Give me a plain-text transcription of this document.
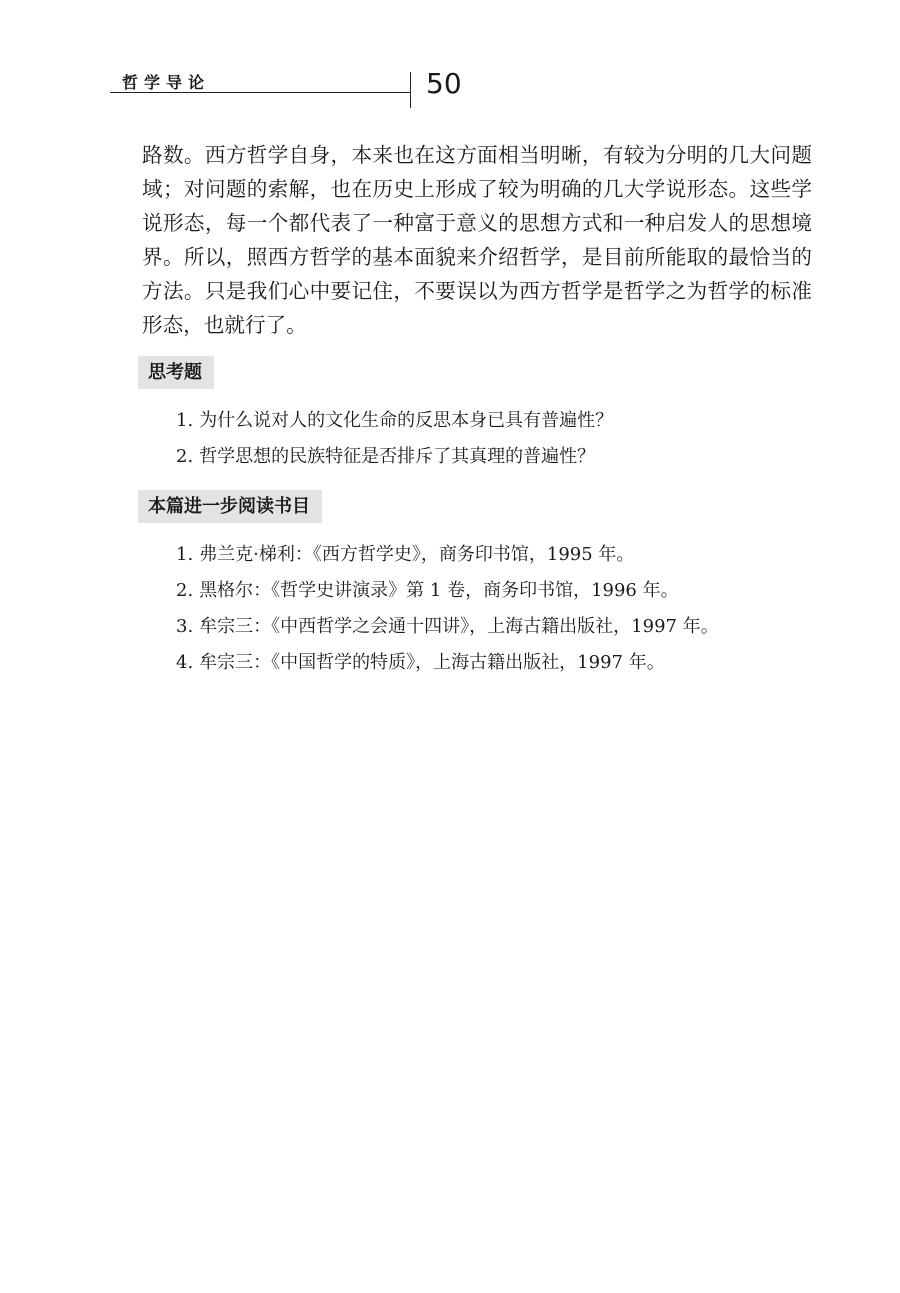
哲学导论	50

路数。西方哲学自身，本来也在这方面相当明晰，有较为分明的几大问题域；对问题的索解，也在历史上形成了较为明确的几大学说形态。这些学说形态，每一个都代表了一种富于意义的思想方式和一种启发人的思想境界。所以，照西方哲学的基本面貌来介绍哲学，是目前所能取的最恰当的方法。只是我们心中要记住，不要误以为西方哲学是哲学之为哲学的标准形态，也就行了。

思考题
1. 为什么说对人的文化生命的反思本身已具有普遍性？
2. 哲学思想的民族特征是否排斥了其真理的普遍性？
本篇进一步阅读书目
1. 弗兰克·梯利：《西方哲学史》，商务印书馆，1995 年。
2. 黑格尔：《哲学史讲演录》第 1 卷，商务印书馆，1996 年。
3. 牟宗三：《中西哲学之会通十四讲》，上海古籍出版社，1997 年。
4. 牟宗三：《中国哲学的特质》，上海古籍出版社，1997 年。
